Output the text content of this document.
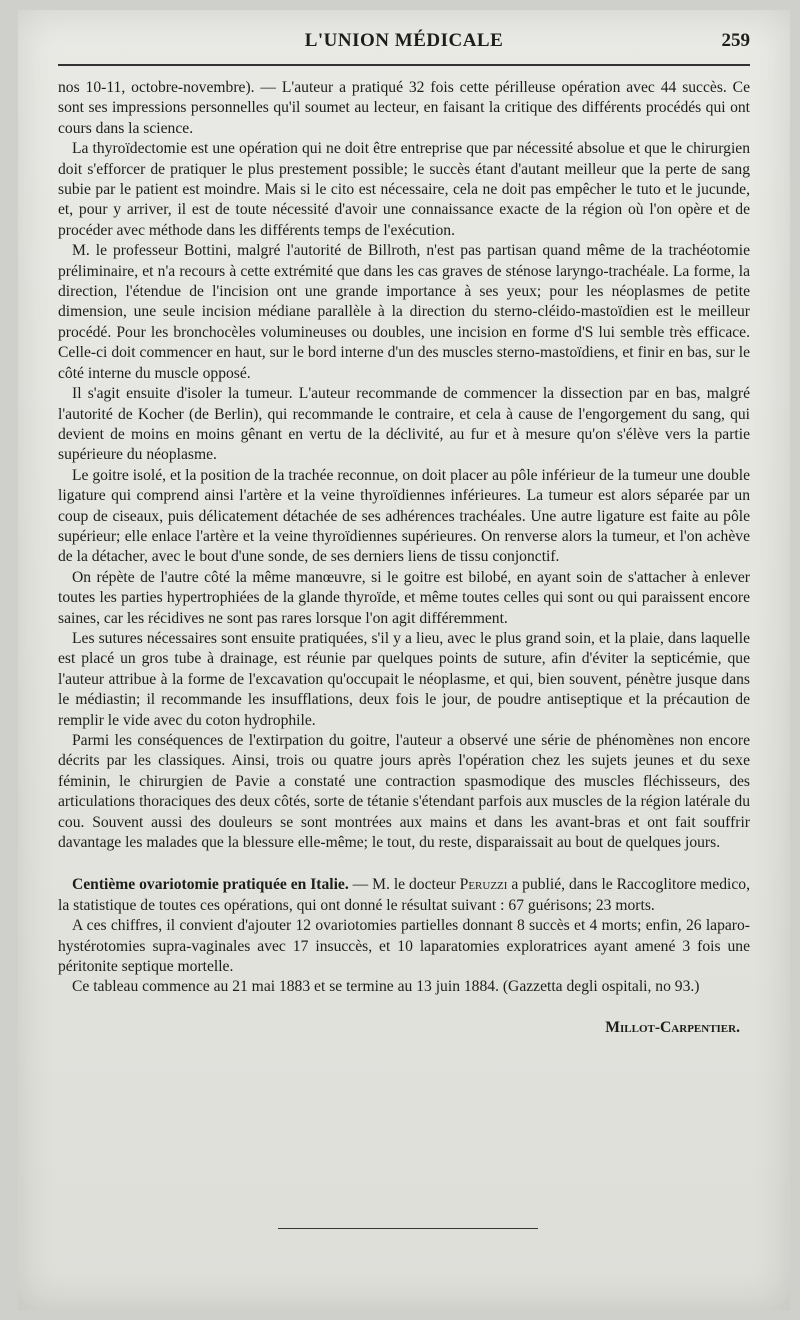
L'UNION MÉDICALE	259

nos 10-11, octobre-novembre). — L'auteur a pratiqué 32 fois cette périlleuse opération avec 44 succès. Ce sont ses impressions personnelles qu'il soumet au lecteur, en faisant la critique des différents procédés qui ont cours dans la science.

La thyroïdectomie est une opération qui ne doit être entreprise que par nécessité absolue et que le chirurgien doit s'efforcer de pratiquer le plus prestement possible; le succès étant d'autant meilleur que la perte de sang subie par le patient est moindre. Mais si le cito est nécessaire, cela ne doit pas empêcher le tuto et le jucunde, et, pour y arriver, il est de toute nécessité d'avoir une connaissance exacte de la région où l'on opère et de procéder avec méthode dans les différents temps de l'exécution.

M. le professeur Bottini, malgré l'autorité de Billroth, n'est pas partisan quand même de la trachéotomie préliminaire, et n'a recours à cette extrémité que dans les cas graves de sténose laryngo-trachéale. La forme, la direction, l'étendue de l'incision ont une grande importance à ses yeux; pour les néoplasmes de petite dimension, une seule incision médiane parallèle à la direction du sterno-cléido-mastoïdien est le meilleur procédé. Pour les bronchocèles volumineuses ou doubles, une incision en forme d'S lui semble très efficace. Celle-ci doit commencer en haut, sur le bord interne d'un des muscles sterno-mastoïdiens, et finir en bas, sur le côté interne du muscle opposé.

Il s'agit ensuite d'isoler la tumeur. L'auteur recommande de commencer la dissection par en bas, malgré l'autorité de Kocher (de Berlin), qui recommande le contraire, et cela à cause de l'engorgement du sang, qui devient de moins en moins gênant en vertu de la déclivité, au fur et à mesure qu'on s'élève vers la partie supérieure du néoplasme.

Le goitre isolé, et la position de la trachée reconnue, on doit placer au pôle inférieur de la tumeur une double ligature qui comprend ainsi l'artère et la veine thyroïdiennes inférieures. La tumeur est alors séparée par un coup de ciseaux, puis délicatement détachée de ses adhérences trachéales. Une autre ligature est faite au pôle supérieur; elle enlace l'artère et la veine thyroïdiennes supérieures. On renverse alors la tumeur, et l'on achève de la détacher, avec le bout d'une sonde, de ses derniers liens de tissu conjonctif.

On répète de l'autre côté la même manœuvre, si le goitre est bilobé, en ayant soin de s'attacher à enlever toutes les parties hypertrophiées de la glande thyroïde, et même toutes celles qui sont ou qui paraissent encore saines, car les récidives ne sont pas rares lorsque l'on agit différemment.

Les sutures nécessaires sont ensuite pratiquées, s'il y a lieu, avec le plus grand soin, et la plaie, dans laquelle est placé un gros tube à drainage, est réunie par quelques points de suture, afin d'éviter la septicémie, que l'auteur attribue à la forme de l'excavation qu'occupait le néoplasme, et qui, bien souvent, pénètre jusque dans le médiastin; il recommande les insufflations, deux fois le jour, de poudre antiseptique et la précaution de remplir le vide avec du coton hydrophile.

Parmi les conséquences de l'extirpation du goitre, l'auteur a observé une série de phénomènes non encore décrits par les classiques. Ainsi, trois ou quatre jours après l'opération chez les sujets jeunes et du sexe féminin, le chirurgien de Pavie a constaté une contraction spasmodique des muscles fléchisseurs, des articulations thoraciques des deux côtés, sorte de tétanie s'étendant parfois aux muscles de la région latérale du cou. Souvent aussi des douleurs se sont montrées aux mains et dans les avant-bras et ont fait souffrir davantage les malades que la blessure elle-même; le tout, du reste, disparaissait au bout de quelques jours.

Centième ovariotomie pratiquée en Italie. — M. le docteur Peruzzi a publié, dans le Raccoglitore medico, la statistique de toutes ces opérations, qui ont donné le résultat suivant : 67 guérisons; 23 morts.

A ces chiffres, il convient d'ajouter 12 ovariotomies partielles donnant 8 succès et 4 morts; enfin, 26 laparo-hystérotomies supra-vaginales avec 17 insuccès, et 10 laparatomies exploratrices ayant amené 3 fois une péritonite septique mortelle.

Ce tableau commence au 21 mai 1883 et se termine au 13 juin 1884. (Gazzetta degli ospitali, no 93.)

Millot-Carpentier.
